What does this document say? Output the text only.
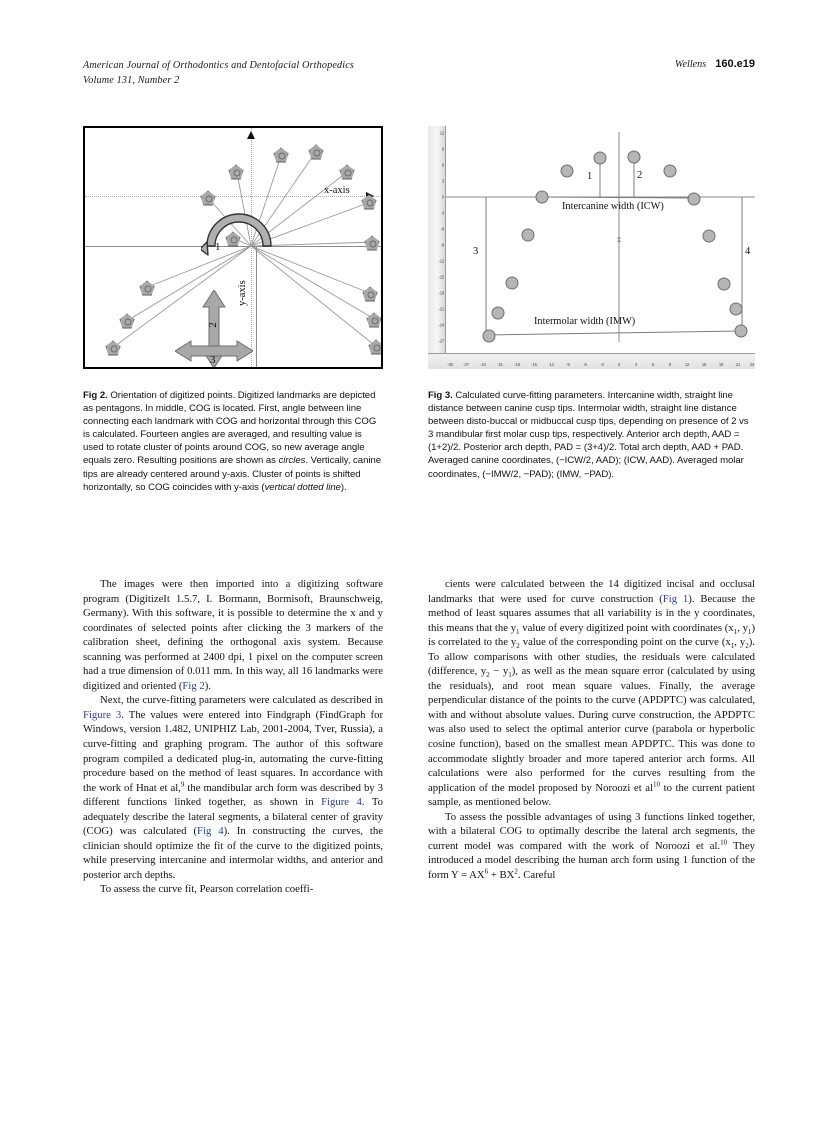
American Journal of Orthodontics and Dentofacial Orthopedics
Volume 131, Number 2
Wellens 160.e19
x-axis
y-axis
1
2
3
Fig 2. Orientation of digitized points. Digitized landmarks are depicted as pentagons. In middle, COG is located. First, angle between line connecting each landmark with COG and horizontal through this COG is calculated. Fourteen angles are averaged, and resulting value is used to rotate cluster of points around COG, so new average angle equals zero. Resulting positions are shown as circles. Vertically, canine tips are already centered around y-axis. Cluster of points is shifted horizontally, so COG coincides with y-axis (vertical dotted line).
12
9
6
3
0
-3
-6
-9
-12
-15
-18
-21
-24
-27
-30	-27	-24	-21	-18	-15	-12	-9	-6	-3	0	3	6	9	12	15	18	21 24
x
1	2
3	4
Intercanine width (ICW)
Intermolar width (IMW)
Fig 3. Calculated curve-fitting parameters. Intercanine width, straight line distance between canine cusp tips. Intermolar width, straight line distance between disto-buccal or midbuccal cusp tips, depending on presence of 2 vs 3 mandibular first molar cusp tips, respectively. Anterior arch depth, AAD = (1+2)/2. Posterior arch depth, PAD = (3+4)/2. Total arch depth, AAD + PAD. Averaged canine coordinates, (−ICW/2, AAD); (ICW, AAD). Averaged molar coordinates, (−IMW/2, −PAD); (IMW, −PAD).

The images were then imported into a digitizing software program (DigitizeIt 1.5.7, I. Bormann, Bormisoft, Braunschweig, Germany). With this software, it is possible to determine the x and y coordinates of selected points after clicking the 3 markers of the calibration sheet, defining the orthogonal axis system. Because scanning was performed at 2400 dpi, 1 pixel on the computer screen had a true dimension of 0.011 mm. In this way, all 16 landmarks were digitized and oriented (Fig 2).

Next, the curve-fitting parameters were calculated as described in Figure 3. The values were entered into Findgraph (FindGraph for Windows, version 1.482, UNIPHIZ Lab, 2001-2004, Tver, Russia), a curve-fitting and graphing program. The author of this software program compiled a dedicated plug-in, automating the curve-fitting procedure based on the method of least squares. In accordance with the work of Hnat et al,$^9$ the mandibular arch form was described by 3 different functions linked together, as shown in Figure 4. To adequately describe the lateral segments, a bilateral center of gravity (COG) was calculated (Fig 4). In constructing the curves, the clinician should optimize the fit of the curve to the digitized points, while preserving intercanine and intermolar widths, and anterior and posterior arch depths.

To assess the curve fit, Pearson correlation coeffi-

cients were calculated between the 14 digitized incisal and occlusal landmarks that were used for curve construction (Fig 1). Because the method of least squares assumes that all variability is in the y coordinates, this means that the $y_1$ value of every digitized point with coordinates ($x_1$, $y_1$) is correlated to the $y_2$ value of the corresponding point on the curve ($x_1$, $y_2$). To allow comparisons with other studies, the residuals were calculated (difference, $y_2 - y_1$), as well as the mean square error (calculated by using the residuals), and root mean square values. Finally, the average perpendicular distance of the points to the curve (APDPTC) was calculated, with and without absolute values. During curve construction, the APDPTC was also used to select the optimal anterior curve (parabola or hyperbolic cosine function), based on the smallest mean APDPTC. This was done to accommodate slightly broader and more tapered anterior arch forms. All calculations were also performed for the curves resulting from the application of the model proposed by Noroozi et $al^{10}$ to the current patient sample, as mentioned below.

To assess the possible advantages of using 3 functions linked together, with a bilateral COG to optimally describe the lateral arch segments, the current model was compared with the work of Noroozi et al.$^{10}$ They introduced a model describing the human arch form using 1 function of the form $Y = AX^6 + BX^2$. Careful
